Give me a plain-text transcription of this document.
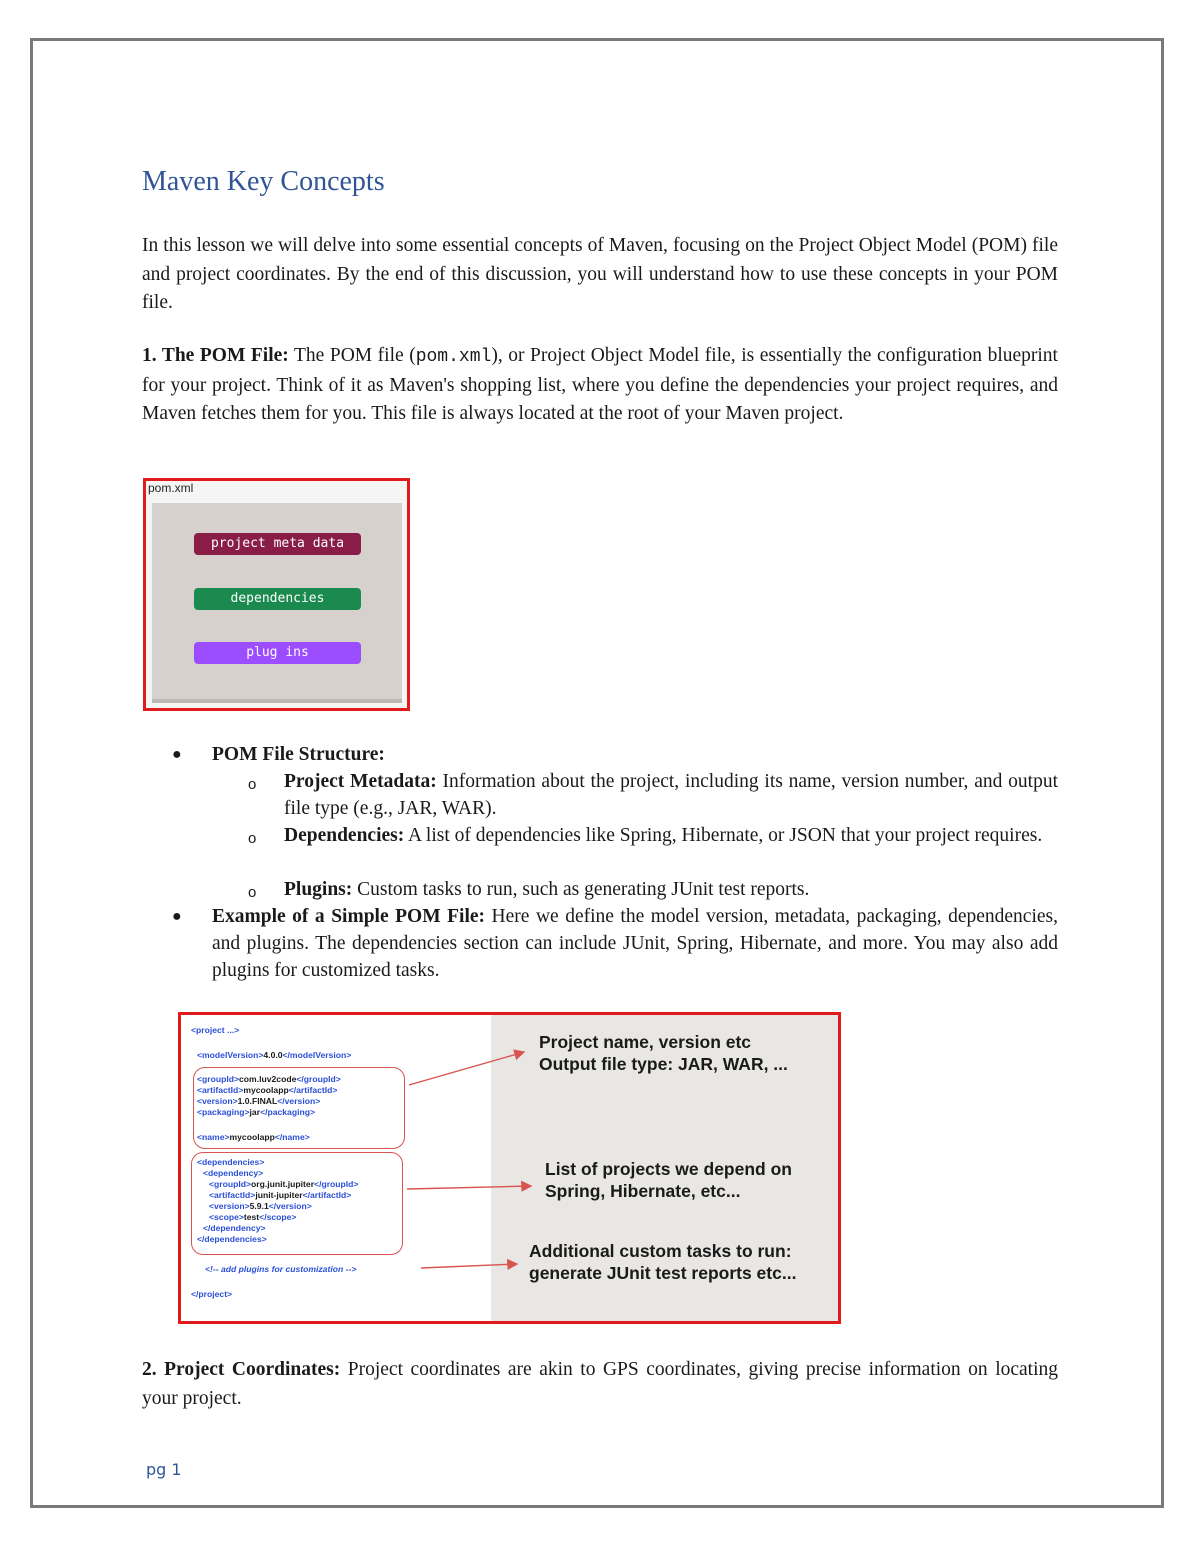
Maven Key Concepts
In this lesson we will delve into some essential concepts of Maven, focusing on the Project Object Model (POM) file and project coordinates. By the end of this discussion, you will understand how to use these concepts in your POM file.
1. The POM File: The POM file (pom.xml), or Project Object Model file, is essentially the configuration blueprint for your project. Think of it as Maven's shopping list, where you define the dependencies your project requires, and Maven fetches them for you. This file is always located at the root of your Maven project.
pom.xml
project meta data
dependencies
plug ins
● POM File Structure:
o Project Metadata: Information about the project, including its name, version number, and output file type (e.g., JAR, WAR).
o Dependencies: A list of dependencies like Spring, Hibernate, or JSON that your project requires.
o Plugins: Custom tasks to run, such as generating JUnit test reports.
● Example of a Simple POM File: Here we define the model version, metadata, packaging, dependencies, and plugins. The dependencies section can include JUnit, Spring, Hibernate, and more. You may also add plugins for customized tasks.
<project ...>
<modelVersion>4.0.0</modelVersion>
<groupId>com.luv2code</groupId>
<artifactId>mycoolapp</artifactId>
<version>1.0.FINAL</version>
<packaging>jar</packaging>
<name>mycoolapp</name>
<dependencies>
<dependency>
<groupId>org.junit.jupiter</groupId>
<artifactId>junit-jupiter</artifactId>
<version>5.9.1</version>
<scope>test</scope>
</dependency>
</dependencies>
<!-- add plugins for customization -->
</project>
Project name, version etc
Output file type: JAR, WAR, ...
List of projects we depend on
Spring, Hibernate, etc...
Additional custom tasks to run:
generate JUnit test reports etc...
2. Project Coordinates: Project coordinates are akin to GPS coordinates, giving precise information on locating your project.
pg 1
